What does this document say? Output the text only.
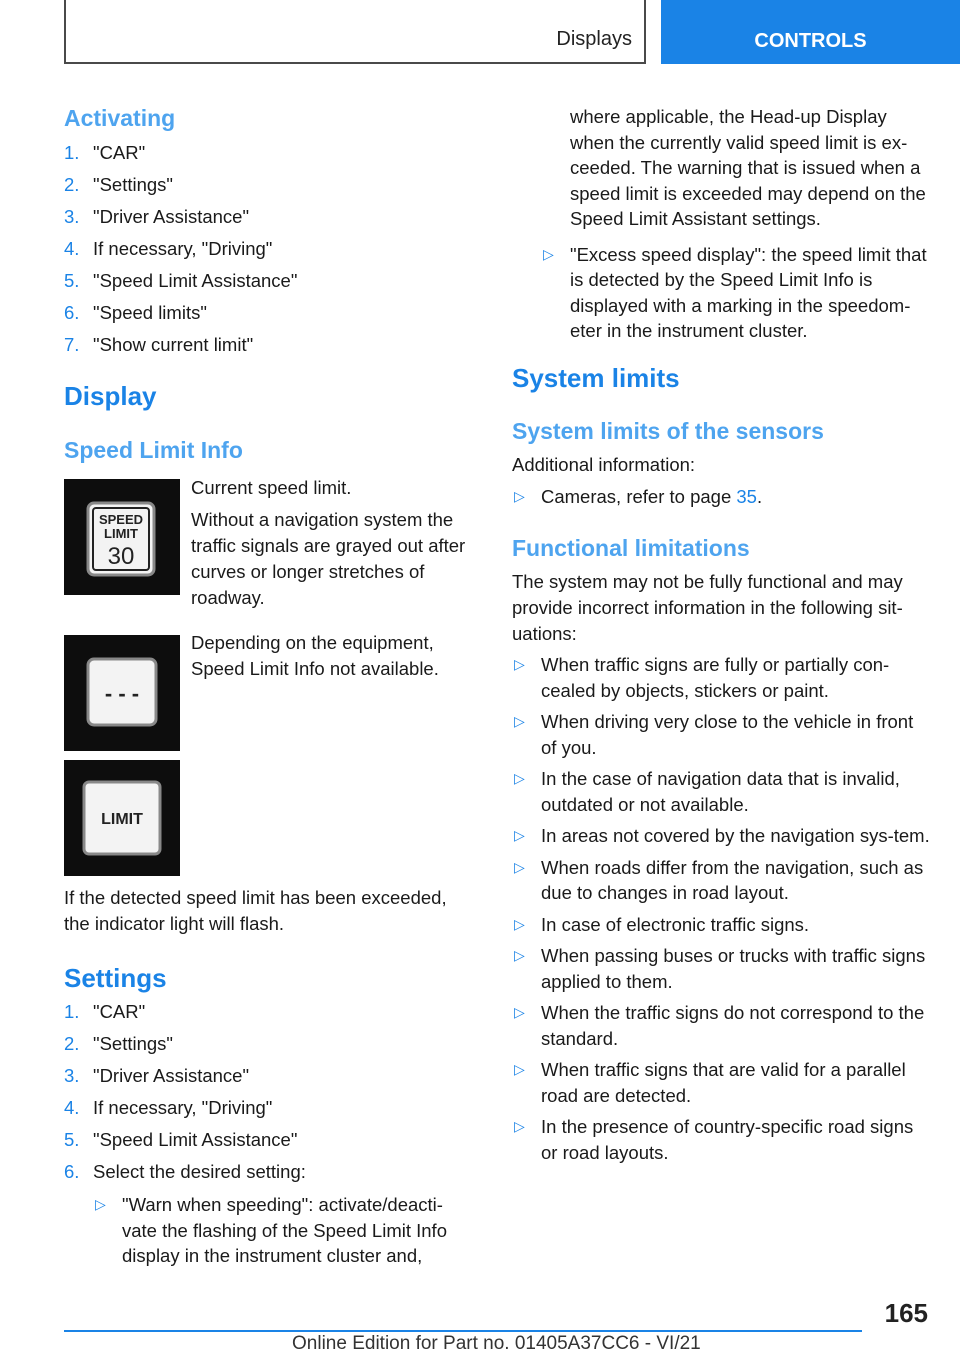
Displays	CONTROLS
Activating
1. "CAR"
2. "Settings"
3. "Driver Assistance"
4. If necessary, "Driving"
5. "Speed Limit Assistance"
6. "Speed limits"
7. "Show current limit"
Display
Speed Limit Info
SPEED
LIMIT
30

Current speed limit.

Without a navigation system the traffic signals are grayed out after curves or longer stretches of roadway.

- - -

Depending on the equipment, Speed Limit Info not available.

LIMIT

If the detected speed limit has been exceeded, the indicator light will flash.

Settings
1. "CAR"
2. "Settings"
3. "Driver Assistance"
4. If necessary, "Driving"
5. "Speed Limit Assistance"
6. Select the desired setting:
▷ "Warn when speeding": activate/deacti-vate the flashing of the Speed Limit Info display in the instrument cluster and,
where applicable, the Head-up Display when the currently valid speed limit is ex-ceeded. The warning that is issued when a speed limit is exceeded may depend on the Speed Limit Assistant settings.
▷ "Excess speed display": the speed limit that is detected by the Speed Limit Info is displayed with a marking in the speedom-eter in the instrument cluster.
System limits
System limits of the sensors

Additional information:

▷ Cameras, refer to page 35.
Functional limitations

The system may not be fully functional and may provide incorrect information in the following sit-uations:

▷ When traffic signs are fully or partially con-cealed by objects, stickers or paint.
▷ When driving very close to the vehicle in front of you.
▷ In the case of navigation data that is invalid, outdated or not available.
▷ In areas not covered by the navigation sys-tem.
▷ When roads differ from the navigation, such as due to changes in road layout.
▷ In case of electronic traffic signs.
▷ When passing buses or trucks with traffic signs applied to them.
▷ When the traffic signs do not correspond to the standard.
▷ When traffic signs that are valid for a parallel road are detected.
▷ In the presence of country-specific road signs or road layouts.
165
Online Edition for Part no. 01405A37CC6 - VI/21
